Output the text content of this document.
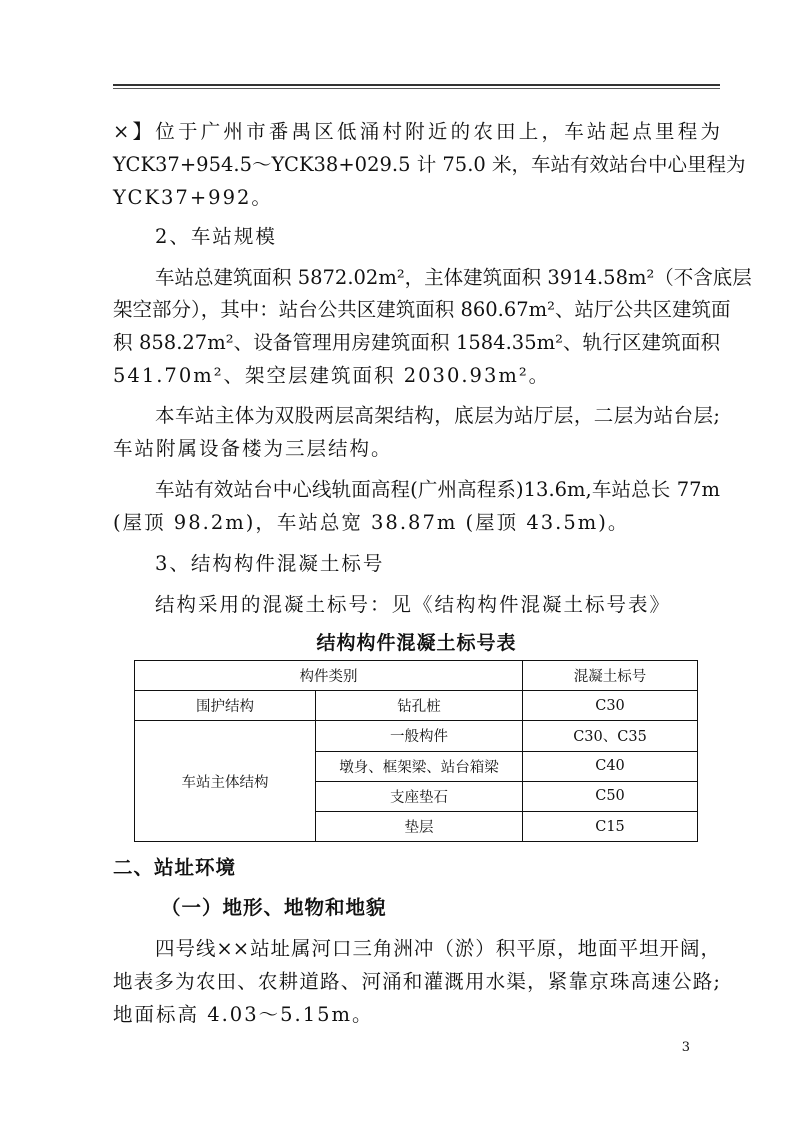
×】位于广州市番禺区低涌村附近的农田上，车站起点里程为
YCK37+954.5～YCK38+029.5 计 75.0 米，车站有效站台中心里程为
YCK37+992。
2、车站规模
车站总建筑面积 5872.02m²，主体建筑面积 3914.58m²（不含底层
架空部分），其中：站台公共区建筑面积 860.67m²、站厅公共区建筑面
积 858.27m²、设备管理用房建筑面积 1584.35m²、轨行区建筑面积
541.70m²、架空层建筑面积 2030.93m²。
本车站主体为双股两层高架结构，底层为站厅层，二层为站台层;
车站附属设备楼为三层结构。
车站有效站台中心线轨面高程(广州高程系)13.6m,车站总长 77m
(屋顶 98.2m)，车站总宽 38.87m (屋顶 43.5m)。
3、结构构件混凝土标号
结构采用的混凝土标号：见《结构构件混凝土标号表》
结构构件混凝土标号表
构件类别		混凝土标号
围护结构	钻孔桩	C30
车站主体结构	一般构件	C30、C35
	墩身、框架梁、站台箱梁	C40
	支座垫石	C50
	垫层	C15
二、站址环境
（一）地形、地物和地貌
四号线××站址属河口三角洲冲（淤）积平原，地面平坦开阔，
地表多为农田、农耕道路、河涌和灌溉用水渠，紧靠京珠高速公路;
地面标高 4.03～5.15m。
3
